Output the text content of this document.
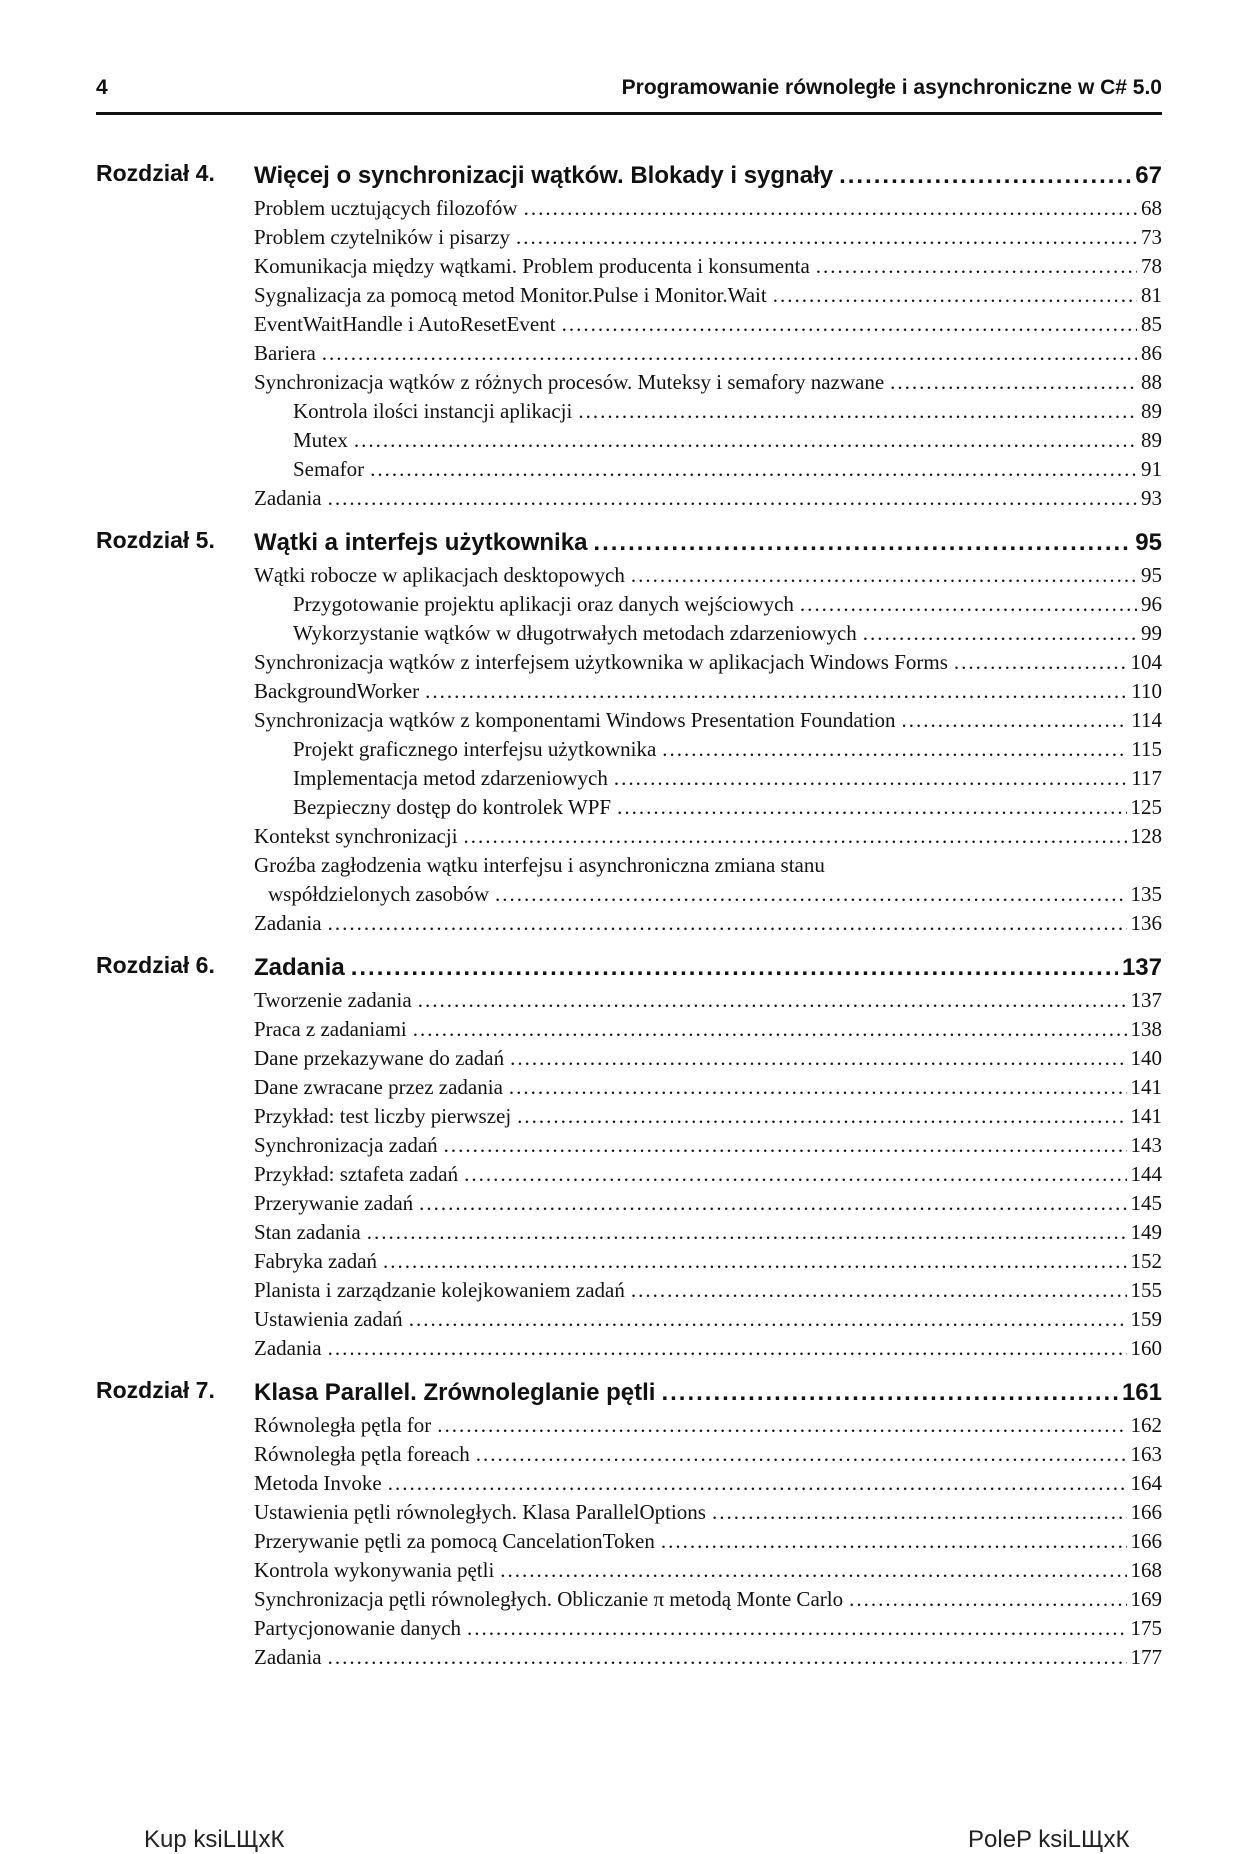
4	Programowanie równoległe i asynchroniczne w C# 5.0
Rozdział 4. Więcej o synchronizacji wątków. Blokady i sygnały .....	67
Problem ucztujących filozofów .....	68
Problem czytelników i pisarzy .....	73
Komunikacja między wątkami. Problem producenta i konsumenta .....	78
Sygnalizacja za pomocą metod Monitor.Pulse i Monitor.Wait .....	81
EventWaitHandle i AutoResetEvent .....	85
Bariera .....	86
Synchronizacja wątków z różnych procesów. Muteksy i semafory nazwane .....	88
Kontrola ilości instancji aplikacji .....	89
Mutex .....	89
Semafor .....	91
Zadania .....	93
Rozdział 5. Wątki a interfejs użytkownika .....	95
Wątki robocze w aplikacjach desktopowych .....	95
Przygotowanie projektu aplikacji oraz danych wejściowych .....	96
Wykorzystanie wątków w długotrwałych metodach zdarzeniowych .....	99
Synchronizacja wątków z interfejsem użytkownika w aplikacjach Windows Forms .....	104
BackgroundWorker .....	110
Synchronizacja wątków z komponentami Windows Presentation Foundation .....	114
Projekt graficznego interfejsu użytkownika .....	115
Implementacja metod zdarzeniowych .....	117
Bezpieczny dostęp do kontrolek WPF .....	125
Kontekst synchronizacji .....	128
Groźba zagłodzenia wątku interfejsu i asynchroniczna zmiana stanu
współdzielonych zasobów .....	135
Zadania .....	136
Rozdział 6. Zadania .....	137
Tworzenie zadania .....	137
Praca z zadaniami .....	138
Dane przekazywane do zadań .....	140
Dane zwracane przez zadania .....	141
Przykład: test liczby pierwszej .....	141
Synchronizacja zadań .....	143
Przykład: sztafeta zadań .....	144
Przerywanie zadań .....	145
Stan zadania .....	149
Fabryka zadań .....	152
Planista i zarządzanie kolejkowaniem zadań .....	155
Ustawienia zadań .....	159
Zadania .....	160
Rozdział 7. Klasa Parallel. Zrównoleglanie pętli .....	161
Równoległa pętla for .....	162
Równoległa pętla foreach .....	163
Metoda Invoke .....	164
Ustawienia pętli równoległych. Klasa ParallelOptions .....	166
Przerywanie pętli za pomocą CancelationToken .....	166
Kontrola wykonywania pętli .....	168
Synchronizacja pętli równoległych. Obliczanie π metodą Monte Carlo .....	169
Partycjonowanie danych .....	175
Zadania .....	177
Kup ksiLЩxК	PoleP ksiLЩxК
